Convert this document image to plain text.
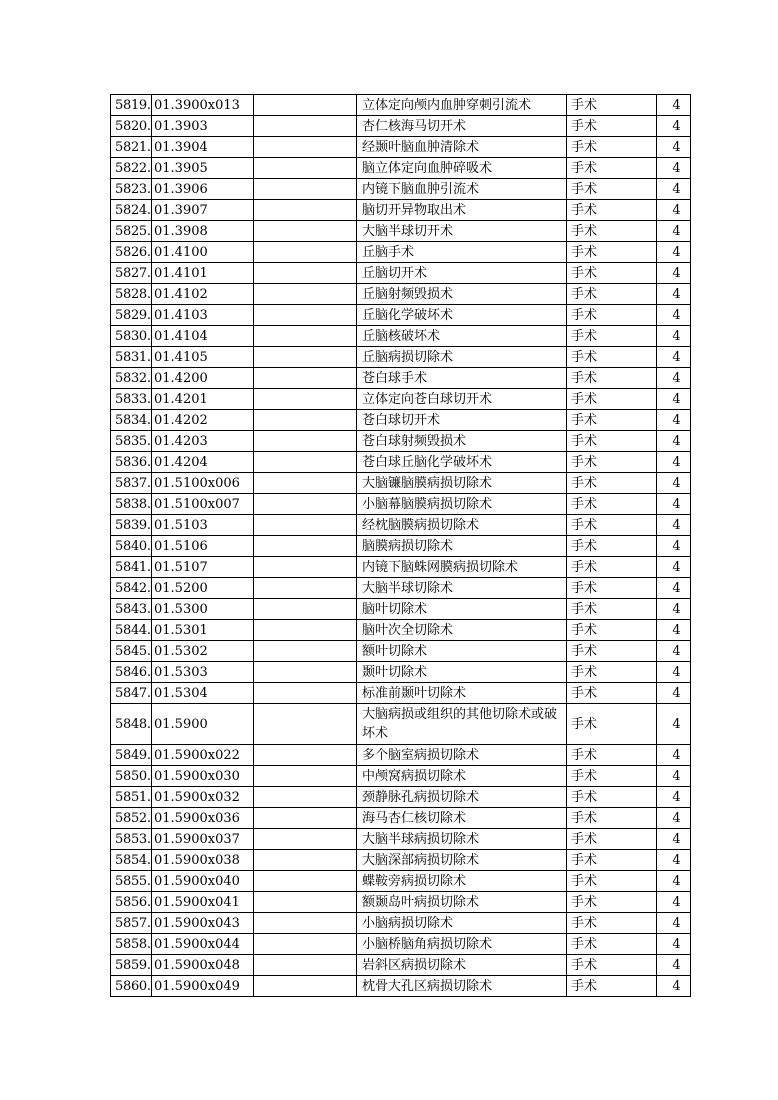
5819.	01.3900x013		立体定向颅内血肿穿刺引流术	手术	4
5820.	01.3903		杏仁核海马切开术	手术	4
5821.	01.3904		经颞叶脑血肿清除术	手术	4
5822.	01.3905		脑立体定向血肿碎吸术	手术	4
5823.	01.3906		内镜下脑血肿引流术	手术	4
5824.	01.3907		脑切开异物取出术	手术	4
5825.	01.3908		大脑半球切开术	手术	4
5826.	01.4100		丘脑手术	手术	4
5827.	01.4101		丘脑切开术	手术	4
5828.	01.4102		丘脑射频毁损术	手术	4
5829.	01.4103		丘脑化学破坏术	手术	4
5830.	01.4104		丘脑核破坏术	手术	4
5831.	01.4105		丘脑病损切除术	手术	4
5832.	01.4200		苍白球手术	手术	4
5833.	01.4201		立体定向苍白球切开术	手术	4
5834.	01.4202		苍白球切开术	手术	4
5835.	01.4203		苍白球射频毁损术	手术	4
5836.	01.4204		苍白球丘脑化学破坏术	手术	4
5837.	01.5100x006		大脑镰脑膜病损切除术	手术	4
5838.	01.5100x007		小脑幕脑膜病损切除术	手术	4
5839.	01.5103		经枕脑膜病损切除术	手术	4
5840.	01.5106		脑膜病损切除术	手术	4
5841.	01.5107		内镜下脑蛛网膜病损切除术	手术	4
5842.	01.5200		大脑半球切除术	手术	4
5843.	01.5300		脑叶切除术	手术	4
5844.	01.5301		脑叶次全切除术	手术	4
5845.	01.5302		额叶切除术	手术	4
5846.	01.5303		颞叶切除术	手术	4
5847.	01.5304		标准前颞叶切除术	手术	4
5848.	01.5900		大脑病损或组织的其他切除术或破坏术	手术	4
5849.	01.5900x022		多个脑室病损切除术	手术	4
5850.	01.5900x030		中颅窝病损切除术	手术	4
5851.	01.5900x032		颈静脉孔病损切除术	手术	4
5852.	01.5900x036		海马杏仁核切除术	手术	4
5853.	01.5900x037		大脑半球病损切除术	手术	4
5854.	01.5900x038		大脑深部病损切除术	手术	4
5855.	01.5900x040		蝶鞍旁病损切除术	手术	4
5856.	01.5900x041		额颞岛叶病损切除术	手术	4
5857.	01.5900x043		小脑病损切除术	手术	4
5858.	01.5900x044		小脑桥脑角病损切除术	手术	4
5859.	01.5900x048		岩斜区病损切除术	手术	4
5860.	01.5900x049		枕骨大孔区病损切除术	手术	4
